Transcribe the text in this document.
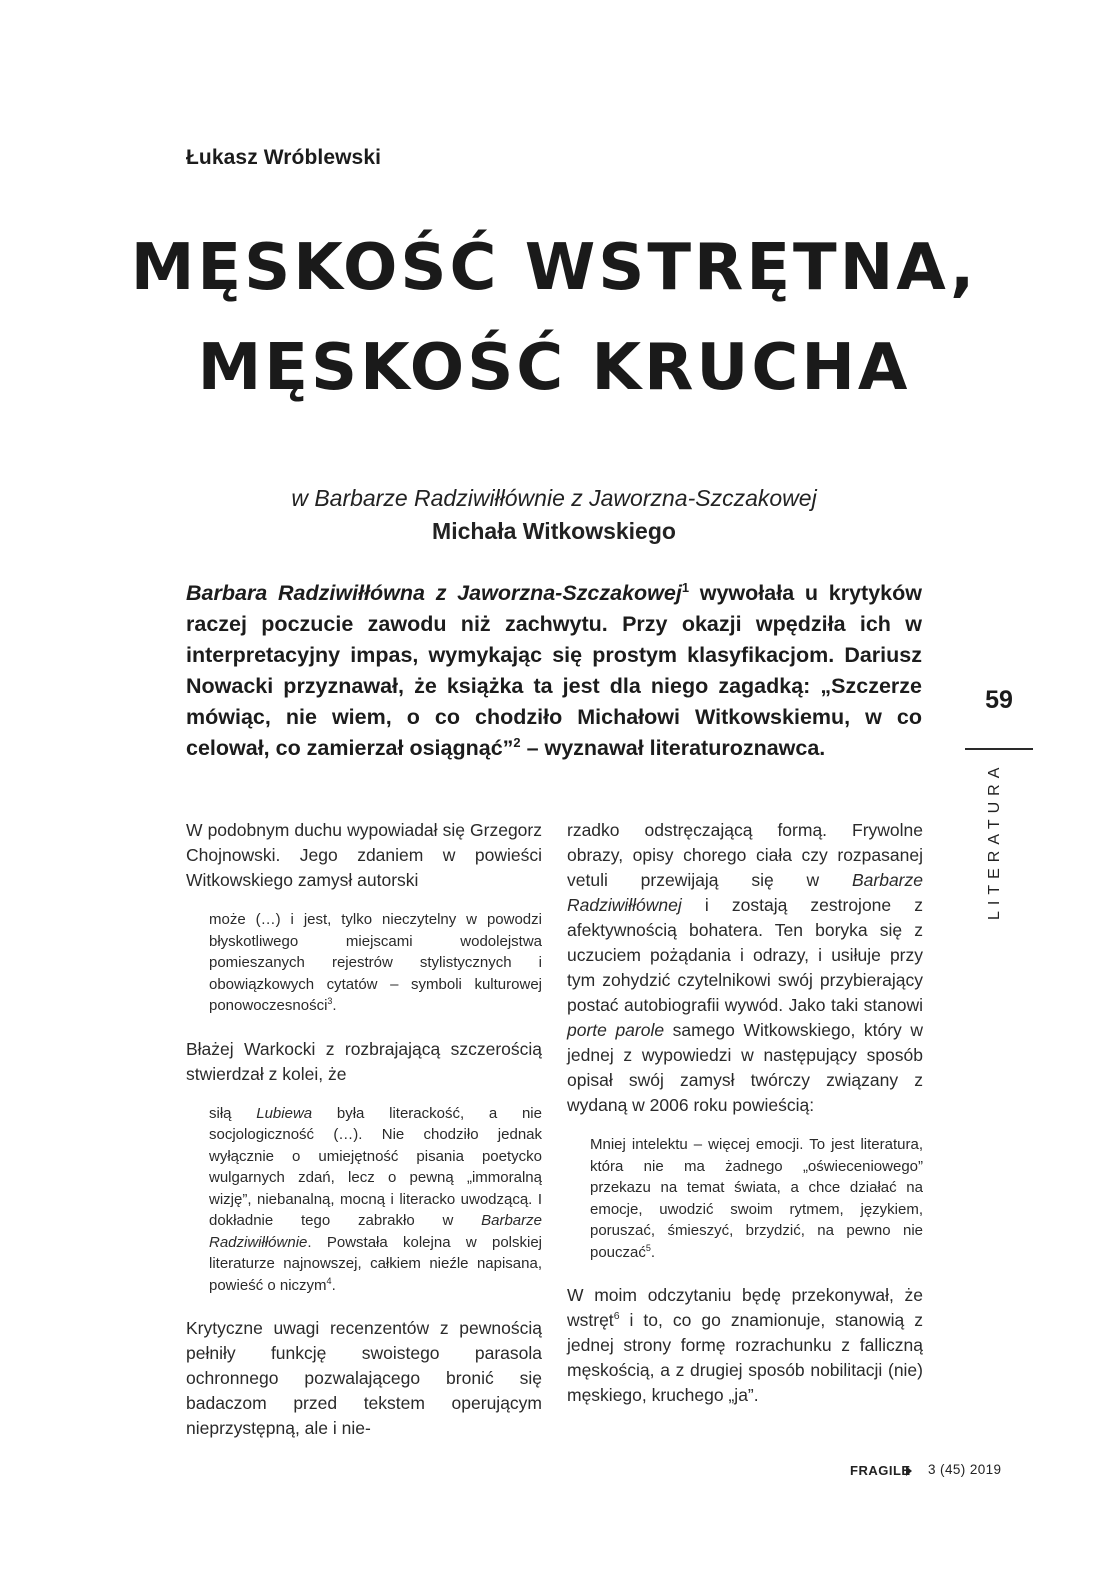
Łukasz Wróblewski
MĘSKOŚĆ WSTRĘTNA,
MĘSKOŚĆ KRUCHA
w Barbarze Radziwiłłównie z Jaworzna-Szczakowej
Michała Witkowskiego
Barbara Radziwiłłówna z Jaworzna-Szczakowej$^1$ wywołała u krytyków raczej poczucie zawodu niż zachwytu. Przy okazji wpędziła ich w interpretacyjny impas, wymykając się prostym klasyfikacjom. Dariusz Nowacki przyznawał, że książka ta jest dla niego zagadką: „Szczerze mówiąc, nie wiem, o co chodziło Michałowi Witkowskiemu, w co celował, co zamierzał osiągnąć”$^2$ – wyznawał literaturoznawca.
59
LITERATURA

W podobnym duchu wypowiadał się Grzegorz Chojnowski. Jego zdaniem w powieści Witkowskiego zamysł autorski

może (…) i jest, tylko nieczytelny w powodzi błyskotliwego miejscami wodolejstwa pomieszanych rejestrów stylistycznych i obowiązkowych cytatów – symboli kulturowej ponowoczesności$^3$.

Błażej Warkocki z rozbrajającą szczerością stwierdzał z kolei, że

siłą Lubiewa była literackość, a nie socjologiczność (…). Nie chodziło jednak wyłącznie o umiejętność pisania poetycko wulgarnych zdań, lecz o pewną „immoralną wizję”, niebanalną, mocną i literacko uwodzącą. I dokładnie tego zabrakło w Barbarze Radziwiłłównie. Powstała kolejna w polskiej literaturze najnowszej, całkiem nieźle napisana, powieść o niczym$^4$.

Krytyczne uwagi recenzentów z pewnością pełniły funkcję swoistego parasola ochronnego pozwalającego bronić się badaczom przed tekstem operującym nieprzystępną, ale i nie-

rzadko odstręczającą formą. Frywolne obrazy, opisy chorego ciała czy rozpasanej vetuli przewijają się w Barbarze Radziwiłłównej i zostają zestrojone z afektywnością bohatera. Ten boryka się z uczuciem pożądania i odrazy, i usiłuje przy tym zohydzić czytelnikowi swój przybierający postać autobiografii wywód. Jako taki stanowi porte parole samego Witkowskiego, który w jednej z wypowiedzi w następujący sposób opisał swój zamysł twórczy związany z wydaną w 2006 roku powieścią:

Mniej intelektu – więcej emocji. To jest literatura, która nie ma żadnego „oświeceniowego” przekazu na temat świata, a chce działać na emocje, uwodzić swoim rytmem, językiem, poruszać, śmieszyć, brzydzić, na pewno nie pouczać$^5$.

W moim odczytaniu będę przekonywał, że wstręt$^6$ i to, co go znamionuje, stanowią z jednej strony formę rozrachunku z falliczną męskością, a z drugiej sposób nobilitacji (nie) męskiego, kruchego „ja”.

FRAGILE 3 (45) 2019
